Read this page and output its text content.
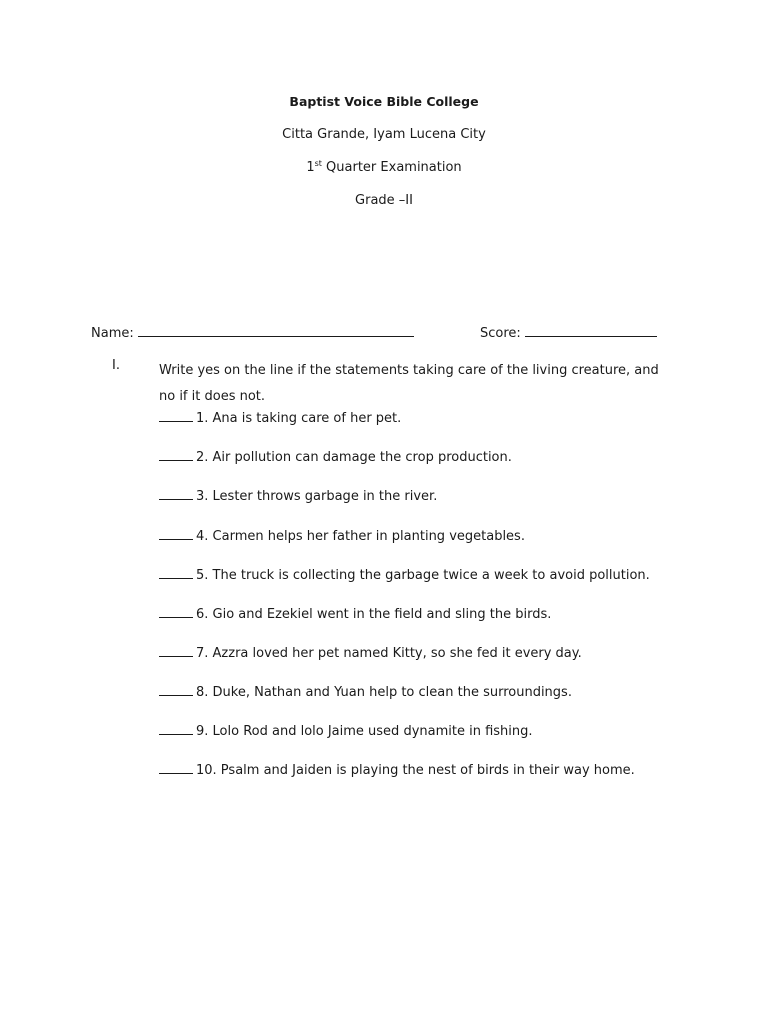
Baptist Voice Bible College
Citta Grande, Iyam Lucena City
1st Quarter Examination
Grade –II
Name:	Score:
I.	Write yes on the line if the statements taking care of the living creature, and no if it does not.
1. Ana is taking care of her pet.
2. Air pollution can damage the crop production.
3. Lester throws garbage in the river.
4. Carmen helps her father in planting vegetables.
5. The truck is collecting the garbage twice a week to avoid pollution.
6. Gio and Ezekiel went in the field and sling the birds.
7. Azzra loved her pet named Kitty, so she fed it every day.
8. Duke, Nathan and Yuan help to clean the surroundings.
9. Lolo Rod and lolo Jaime used dynamite in fishing.
10. Psalm and Jaiden is playing the nest of birds in their way home.
